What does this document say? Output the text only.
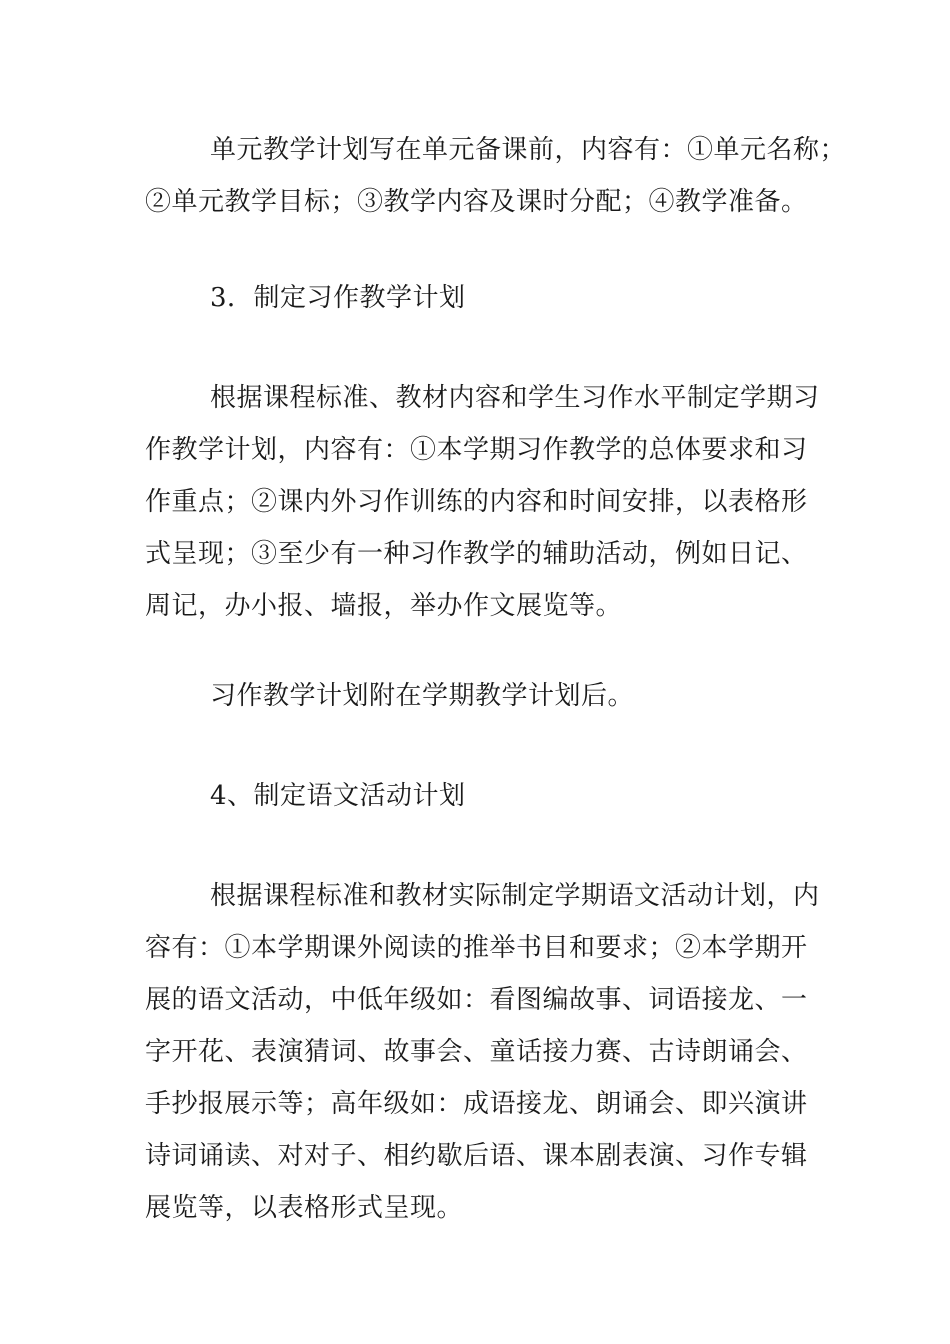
单元教学计划写在单元备课前，内容有：①单元名称；
②单元教学目标；③教学内容及课时分配；④教学准备。
3．制定习作教学计划
根据课程标准、教材内容和学生习作水平制定学期习
作教学计划，内容有：①本学期习作教学的总体要求和习
作重点；②课内外习作训练的内容和时间安排，以表格形
式呈现；③至少有一种习作教学的辅助活动，例如日记、
周记，办小报、墙报，举办作文展览等。
习作教学计划附在学期教学计划后。
4、制定语文活动计划
根据课程标准和教材实际制定学期语文活动计划，内
容有：①本学期课外阅读的推举书目和要求；②本学期开
展的语文活动，中低年级如：看图编故事、词语接龙、一
字开花、表演猜词、故事会、童话接力赛、古诗朗诵会、
手抄报展示等；高年级如：成语接龙、朗诵会、即兴演讲
诗词诵读、对对子、相约歇后语、课本剧表演、习作专辑
展览等，以表格形式呈现。
